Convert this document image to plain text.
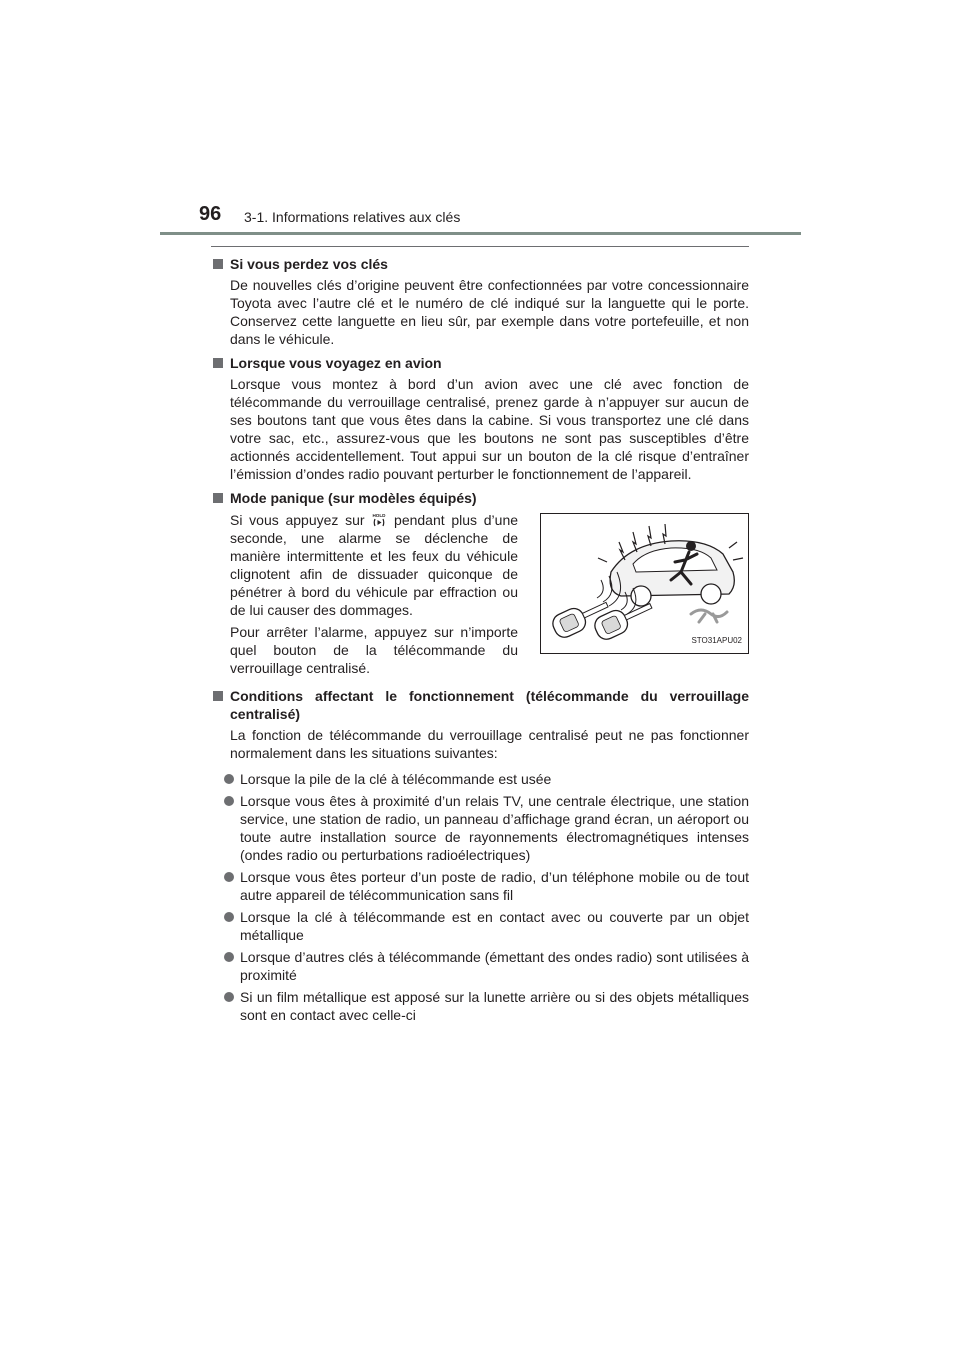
96 3-1. Informations relatives aux clés
Si vous perdez vos clés
De nouvelles clés d’origine peuvent être confectionnées par votre concessionnaire Toyota avec l’autre clé et le numéro de clé indiqué sur la languette qui le porte. Conservez cette languette en lieu sûr, par exemple dans votre portefeuille, et non dans le véhicule.
Lorsque vous voyagez en avion
Lorsque vous montez à bord d’un avion avec une clé avec fonction de télécommande du verrouillage centralisé, prenez garde à n’appuyer sur aucun de ses boutons tant que vous êtes dans la cabine. Si vous transportez une clé dans votre sac, etc., assurez-vous que les boutons ne sont pas susceptibles d’être actionnés accidentellement. Tout appui sur un bouton de la clé risque d’entraîner l’émission d’ondes radio pouvant perturber le fonctionnement de l’appareil.
Mode panique (sur modèles équipés)
Si vous appuyez sur HOLD pendant plus d’une seconde, une alarme se déclenche de manière intermittente et les feux du véhicule clignotent afin de dissuader quiconque de pénétrer à bord du véhicule par effraction ou de lui causer des dommages.
Pour arrêter l’alarme, appuyez sur n’importe quel bouton de la télécommande du verrouillage centralisé.
STO31APU02
Conditions affectant le fonctionnement (télécommande du verrouillage centralisé)
La fonction de télécommande du verrouillage centralisé peut ne pas fonctionner normalement dans les situations suivantes:
Lorsque la pile de la clé à télécommande est usée
Lorsque vous êtes à proximité d’un relais TV, une centrale électrique, une station service, une station de radio, un panneau d’affichage grand écran, un aéroport ou toute autre installation source de rayonnements électromagnétiques intenses (ondes radio ou perturbations radioélectriques)
Lorsque vous êtes porteur d’un poste de radio, d’un téléphone mobile ou de tout autre appareil de télécommunication sans fil
Lorsque la clé à télécommande est en contact avec ou couverte par un objet métallique
Lorsque d’autres clés à télécommande (émettant des ondes radio) sont utilisées à proximité
Si un film métallique est apposé sur la lunette arrière ou si des objets métalliques sont en contact avec celle-ci
